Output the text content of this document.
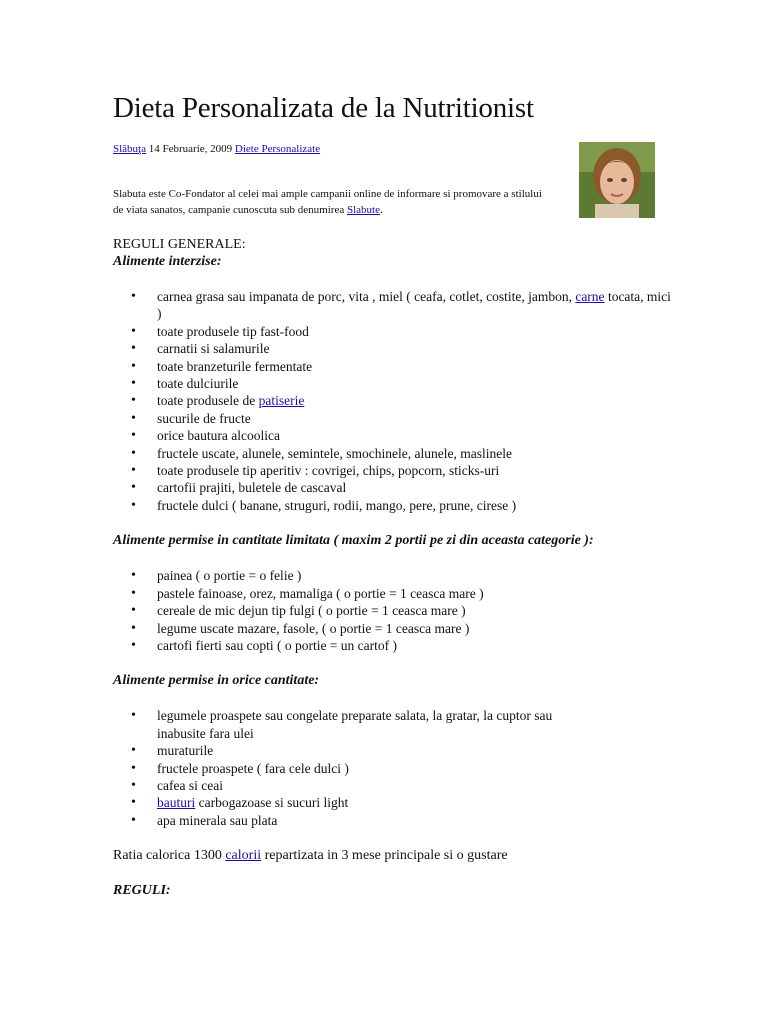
Dieta Personalizata de la Nutritionist
Slăbuţa 14 Februarie, 2009 Diete Personalizate
Slabuta este Co-Fondator al celei mai ample campanii online de informare si promovare a stilului de viata sanatos, campanie cunoscuta sub denumirea Slabute.
REGULI GENERALE:
Alimente interzise:
• carnea grasa sau impanata de porc, vita , miel ( ceafa, cotlet, costite, jambon, carne tocata, mici )
• toate produsele tip fast-food
• carnatii si salamurile
• toate branzeturile fermentate
• toate dulciurile
• toate produsele de patiserie
• sucurile de fructe
• orice bautura alcoolica
• fructele uscate, alunele, semintele, smochinele, alunele, maslinele
• toate produsele tip aperitiv : covrigei, chips, popcorn, sticks-uri
• cartofii prajiti, buletele de cascaval
• fructele dulci ( banane, struguri, rodii, mango, pere, prune, cirese )
Alimente permise in cantitate limitata ( maxim 2 portii pe zi din aceasta categorie ):
• painea ( o portie = o felie )
• pastele fainoase, orez, mamaliga ( o portie = 1 ceasca mare )
• cereale de mic dejun tip fulgi ( o portie = 1 ceasca mare )
• legume uscate mazare, fasole, ( o portie = 1 ceasca mare )
• cartofi fierti sau copti ( o portie = un cartof )
Alimente permise in orice cantitate:
• legumele proaspete sau congelate preparate salata, la gratar, la cuptor sau inabusite fara ulei
• muraturile
• fructele proaspete ( fara cele dulci )
• cafea si ceai
• bauturi carbogazoase si sucuri light
• apa minerala sau plata
Ratia calorica 1300 calorii repartizata in 3 mese principale si o gustare
REGULI:
